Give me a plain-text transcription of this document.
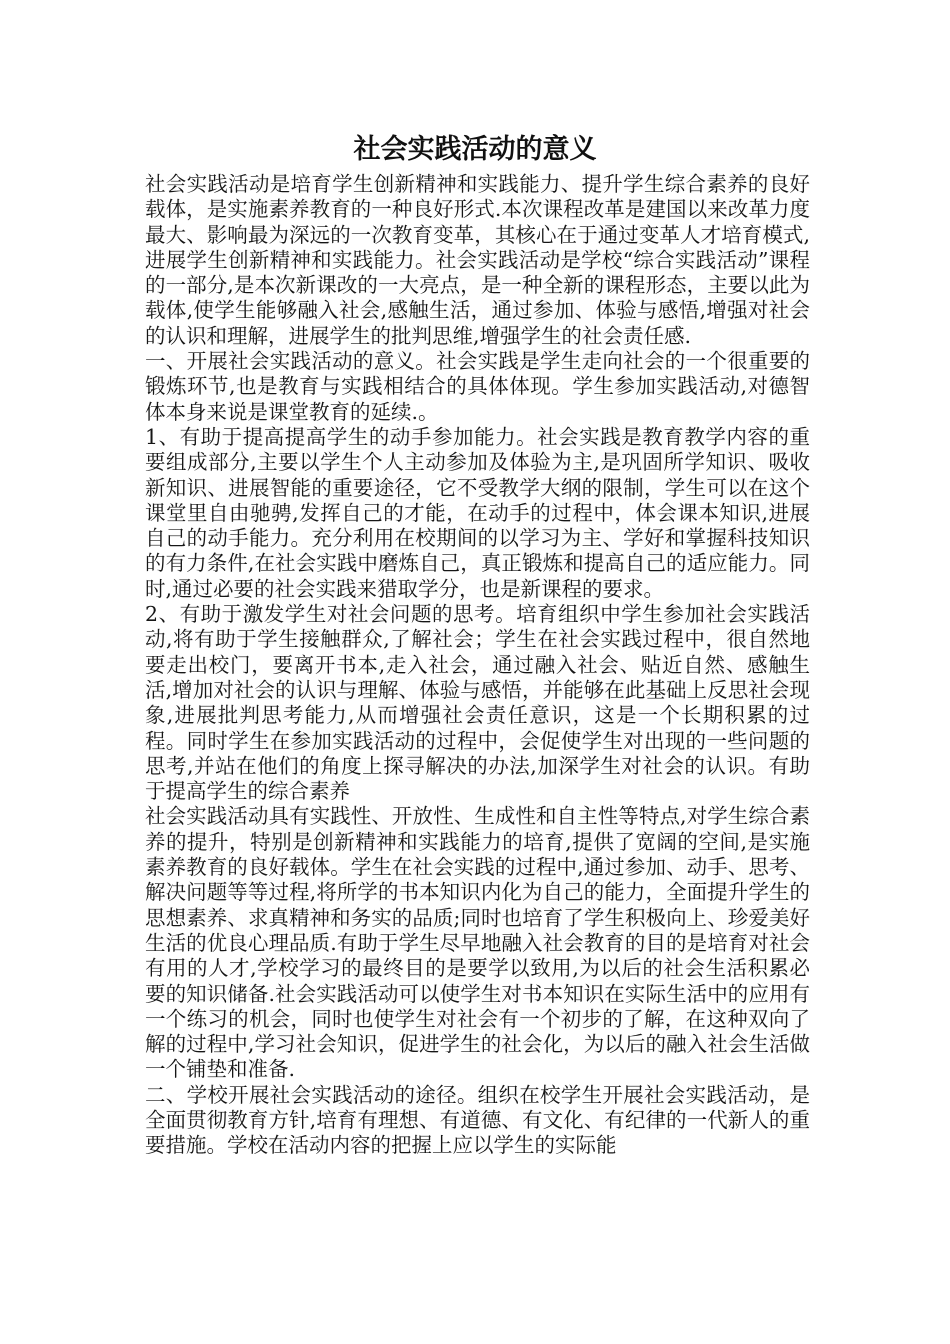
社会实践活动的意义

社会实践活动是培育学生创新精神和实践能力、提升学生综合素养的良好载体，是实施素养教育的一种良好形式.本次课程改革是建国以来改革力度最大、影响最为深远的一次教育变革，其核心在于通过变革人才培育模式,进展学生创新精神和实践能力。社会实践活动是学校“综合实践活动”课程的一部分,是本次新课改的一大亮点，是一种全新的课程形态，主要以此为载体,使学生能够融入社会,感触生活，通过参加、体验与感悟,增强对社会的认识和理解，进展学生的批判思维,增强学生的社会责任感.

一、开展社会实践活动的意义。社会实践是学生走向社会的一个很重要的锻炼环节,也是教育与实践相结合的具体体现。学生参加实践活动,对德智体本身来说是课堂教育的延续.。

1、有助于提高提高学生的动手参加能力。社会实践是教育教学内容的重要组成部分,主要以学生个人主动参加及体验为主,是巩固所学知识、吸收新知识、进展智能的重要途径，它不受教学大纲的限制，学生可以在这个课堂里自由驰骋,发挥自己的才能，在动手的过程中，体会课本知识,进展自己的动手能力。充分利用在校期间的以学习为主、学好和掌握科技知识的有力条件,在社会实践中磨炼自己，真正锻炼和提高自己的适应能力。同时,通过必要的社会实践来猎取学分，也是新课程的要求。

2、有助于激发学生对社会问题的思考。培育组织中学生参加社会实践活动,将有助于学生接触群众,了解社会；学生在社会实践过程中，很自然地要走出校门，要离开书本,走入社会，通过融入社会、贴近自然、感触生活,增加对社会的认识与理解、体验与感悟，并能够在此基础上反思社会现象,进展批判思考能力,从而增强社会责任意识，这是一个长期积累的过程。同时学生在参加实践活动的过程中，会促使学生对出现的一些问题的思考,并站在他们的角度上探寻解决的办法,加深学生对社会的认识。有助于提高学生的综合素养

社会实践活动具有实践性、开放性、生成性和自主性等特点,对学生综合素养的提升，特别是创新精神和实践能力的培育,提供了宽阔的空间,是实施素养教育的良好载体。学生在社会实践的过程中,通过参加、动手、思考、解决问题等等过程,将所学的书本知识内化为自己的能力，全面提升学生的思想素养、求真精神和务实的品质;同时也培育了学生积极向上、珍爱美好生活的优良心理品质.有助于学生尽早地融入社会教育的目的是培育对社会有用的人才,学校学习的最终目的是要学以致用,为以后的社会生活积累必要的知识储备.社会实践活动可以使学生对书本知识在实际生活中的应用有一个练习的机会，同时也使学生对社会有一个初步的了解，在这种双向了解的过程中,学习社会知识，促进学生的社会化，为以后的融入社会生活做一个铺垫和准备.

二、学校开展社会实践活动的途径。组织在校学生开展社会实践活动，是全面贯彻教育方针,培育有理想、有道德、有文化、有纪律的一代新人的重要措施。学校在活动内容的把握上应以学生的实际能
